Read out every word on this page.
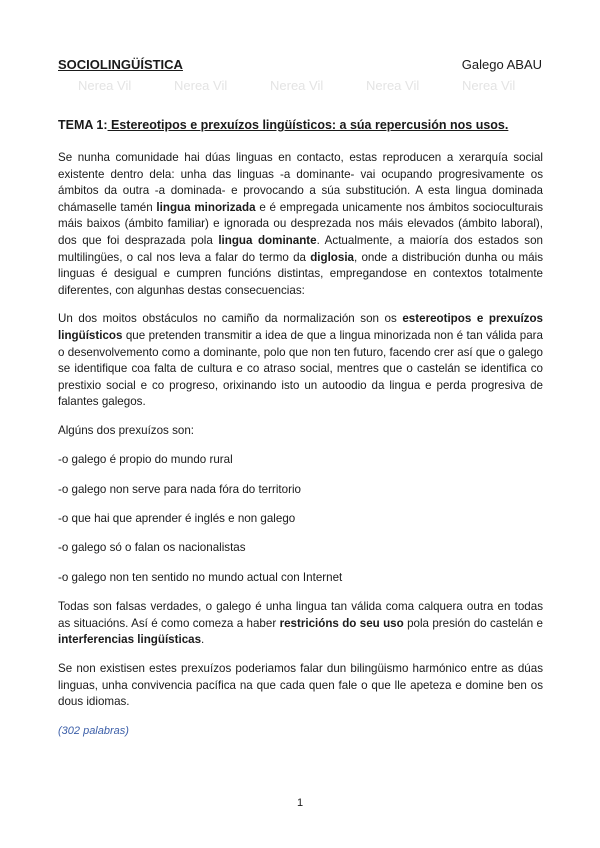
SOCIOLINGÜÍSTICA	Galego ABAU
Nerea Vil	Nerea Vil	Nerea Vil	Nerea Vil	Nerea Vil
TEMA 1: Estereotipos e prexuízos lingüísticos: a súa repercusión nos usos.

Se nunha comunidade hai dúas linguas en contacto, estas reproducen a xerarquía social existente dentro dela: unha das linguas -a dominante- vai ocupando progresivamente os ámbitos da outra -a dominada- e provocando a súa substitución. A esta lingua dominada chámaselle tamén lingua minorizada e é empregada unicamente nos ámbitos socioculturais máis baixos (ámbito familiar) e ignorada ou desprezada nos máis elevados (ámbito laboral), dos que foi desprazada pola lingua dominante. Actualmente, a maioría dos estados son multilingües, o cal nos leva a falar do termo da diglosia, onde a distribución dunha ou máis linguas é desigual e cumpren funcións distintas, empregandose en contextos totalmente diferentes, con algunhas destas consecuencias:

Un dos moitos obstáculos no camiño da normalización son os estereotipos e prexuízos lingüísticos que pretenden transmitir a idea de que a lingua minorizada non é tan válida para o desenvolvemento como a dominante, polo que non ten futuro, facendo crer así que o galego se identifique coa falta de cultura e co atraso social, mentres que o castelán se identifica co prestixio social e co progreso, orixinando isto un autoodio da lingua e perda progresiva de falantes galegos.

Algúns dos prexuízos son:

-o galego é propio do mundo rural

-o galego non serve para nada fóra do territorio

-o que hai que aprender é inglés e non galego

-o galego só o falan os nacionalistas

-o galego non ten sentido no mundo actual con Internet

Todas son falsas verdades, o galego é unha lingua tan válida coma calquera outra en todas as situacións. Así é como comeza a haber restricións do seu uso pola presión do castelán e interferencias lingüísticas.

Se non existisen estes prexuízos poderiamos falar dun bilingüismo harmónico entre as dúas linguas, unha convivencia pacífica na que cada quen fale o que lle apeteza e domine ben os dous idiomas.

(302 palabras)
1
